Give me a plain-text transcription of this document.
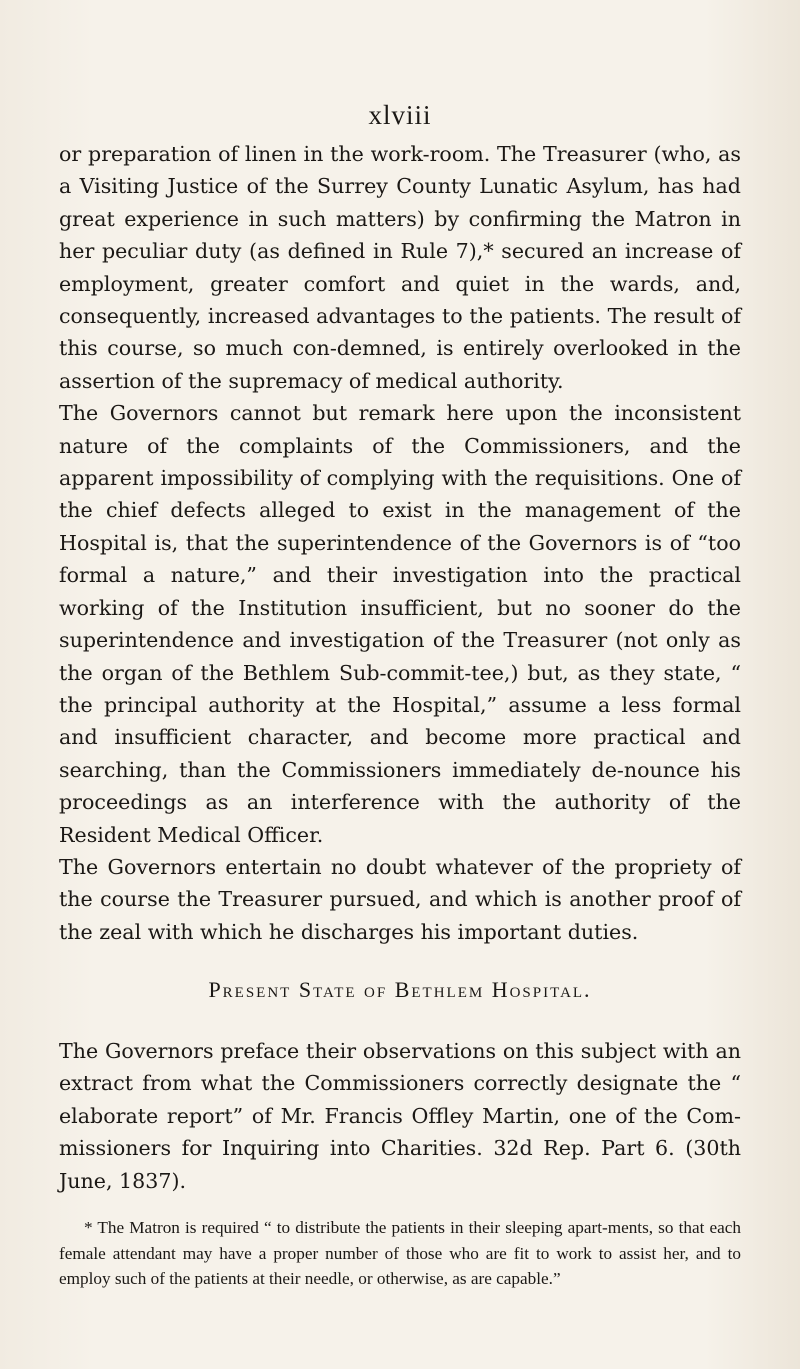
xlviii

or preparation of linen in the work-room. The Treasurer (who, as a Visiting Justice of the Surrey County Lunatic Asylum, has had great experience in such matters) by confirming the Matron in her peculiar duty (as defined in Rule 7),* secured an increase of employment, greater comfort and quiet in the wards, and, consequently, increased advantages to the patients. The result of this course, so much con-demned, is entirely overlooked in the assertion of the supremacy of medical authority.

The Governors cannot but remark here upon the inconsistent nature of the complaints of the Commissioners, and the apparent impossibility of complying with the requisitions. One of the chief defects alleged to exist in the management of the Hospital is, that the superintendence of the Governors is of “too formal a nature,” and their investigation into the practical working of the Institution insufficient, but no sooner do the superintendence and investigation of the Treasurer (not only as the organ of the Bethlem Sub-commit-tee,) but, as they state, “ the principal authority at the Hospital,” assume a less formal and insufficient character, and become more practical and searching, than the Commissioners immediately de-nounce his proceedings as an interference with the authority of the Resident Medical Officer.

The Governors entertain no doubt whatever of the propriety of the course the Treasurer pursued, and which is another proof of the zeal with which he discharges his important duties.

Present State of Bethlem Hospital.

The Governors preface their observations on this subject with an extract from what the Commissioners correctly designate the “ elaborate report” of Mr. Francis Offley Martin, one of the Com-missioners for Inquiring into Charities. 32d Rep. Part 6. (30th June, 1837).

* The Matron is required “ to distribute the patients in their sleeping apart-ments, so that each female attendant may have a proper number of those who are fit to work to assist her, and to employ such of the patients at their needle, or otherwise, as are capable.”
